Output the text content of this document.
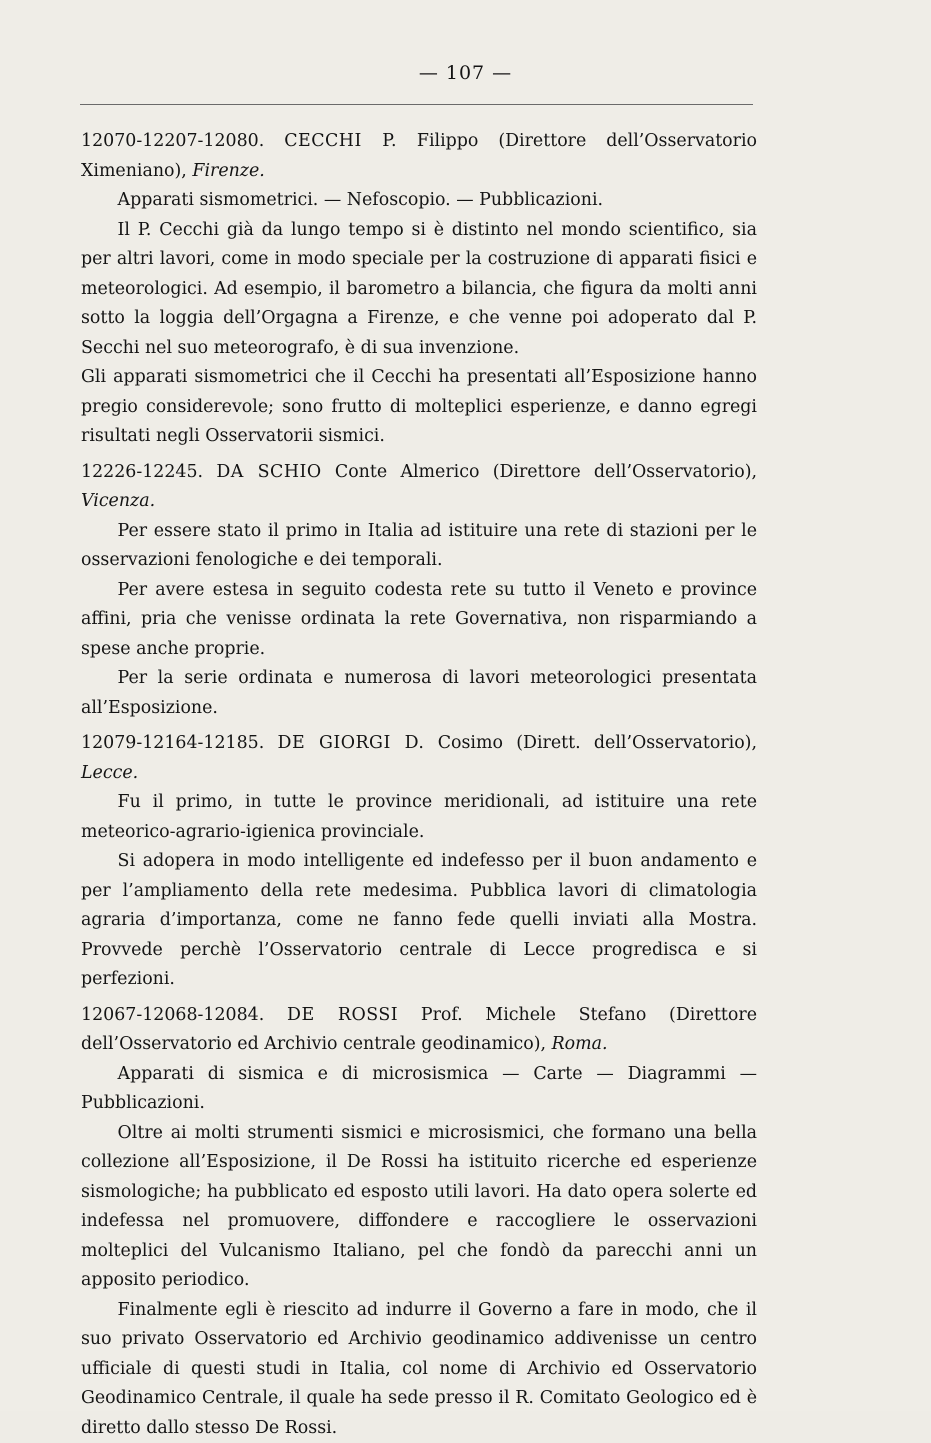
— 107 —

12070-12207-12080. CECCHI P. Filippo (Direttore dell’Osservatorio Ximeniano), Firenze.

Apparati sismometrici. — Nefoscopio. — Pubblicazioni.

Il P. Cecchi già da lungo tempo si è distinto nel mondo scientifico, sia per altri lavori, come in modo speciale per la costruzione di apparati fisici e meteorologici. Ad esempio, il barometro a bilancia, che figura da molti anni sotto la loggia dell’Orgagna a Firenze, e che venne poi adoperato dal P. Secchi nel suo meteorografo, è di sua invenzione.

Gli apparati sismometrici che il Cecchi ha presentati all’Esposizione hanno pregio considerevole; sono frutto di molteplici esperienze, e danno egregi risultati negli Osservatorii sismici.

12226-12245. DA SCHIO Conte Almerico (Direttore dell’Osservatorio), Vicenza.

Per essere stato il primo in Italia ad istituire una rete di stazioni per le osservazioni fenologiche e dei temporali.

Per avere estesa in seguito codesta rete su tutto il Veneto e province affini, pria che venisse ordinata la rete Governativa, non risparmiando a spese anche proprie.

Per la serie ordinata e numerosa di lavori meteorologici presentata all’Esposizione.

12079-12164-12185. DE GIORGI D. Cosimo (Dirett. dell’Osservatorio), Lecce.

Fu il primo, in tutte le province meridionali, ad istituire una rete meteorico-agrario-igienica provinciale.

Si adopera in modo intelligente ed indefesso per il buon andamento e per l’ampliamento della rete medesima. Pubblica lavori di climatologia agraria d’importanza, come ne fanno fede quelli inviati alla Mostra. Provvede perchè l’Osservatorio centrale di Lecce progredisca e si perfezioni.

12067-12068-12084. DE ROSSI Prof. Michele Stefano (Direttore dell’Osservatorio ed Archivio centrale geodinamico), Roma.

Apparati di sismica e di microsismica — Carte — Diagrammi — Pubblicazioni.

Oltre ai molti strumenti sismici e microsismici, che formano una bella collezione all’Esposizione, il De Rossi ha istituito ricerche ed esperienze sismologiche; ha pubblicato ed esposto utili lavori. Ha dato opera solerte ed indefessa nel promuovere, diffondere e raccogliere le osservazioni molteplici del Vulcanismo Italiano, pel che fondò da parecchi anni un apposito periodico.

Finalmente egli è riescito ad indurre il Governo a fare in modo, che il suo privato Osservatorio ed Archivio geodinamico addivenisse un centro ufficiale di questi studi in Italia, col nome di Archivio ed Osservatorio Geodinamico Centrale, il quale ha sede presso il R. Comitato Geologico ed è diretto dallo stesso De Rossi.
